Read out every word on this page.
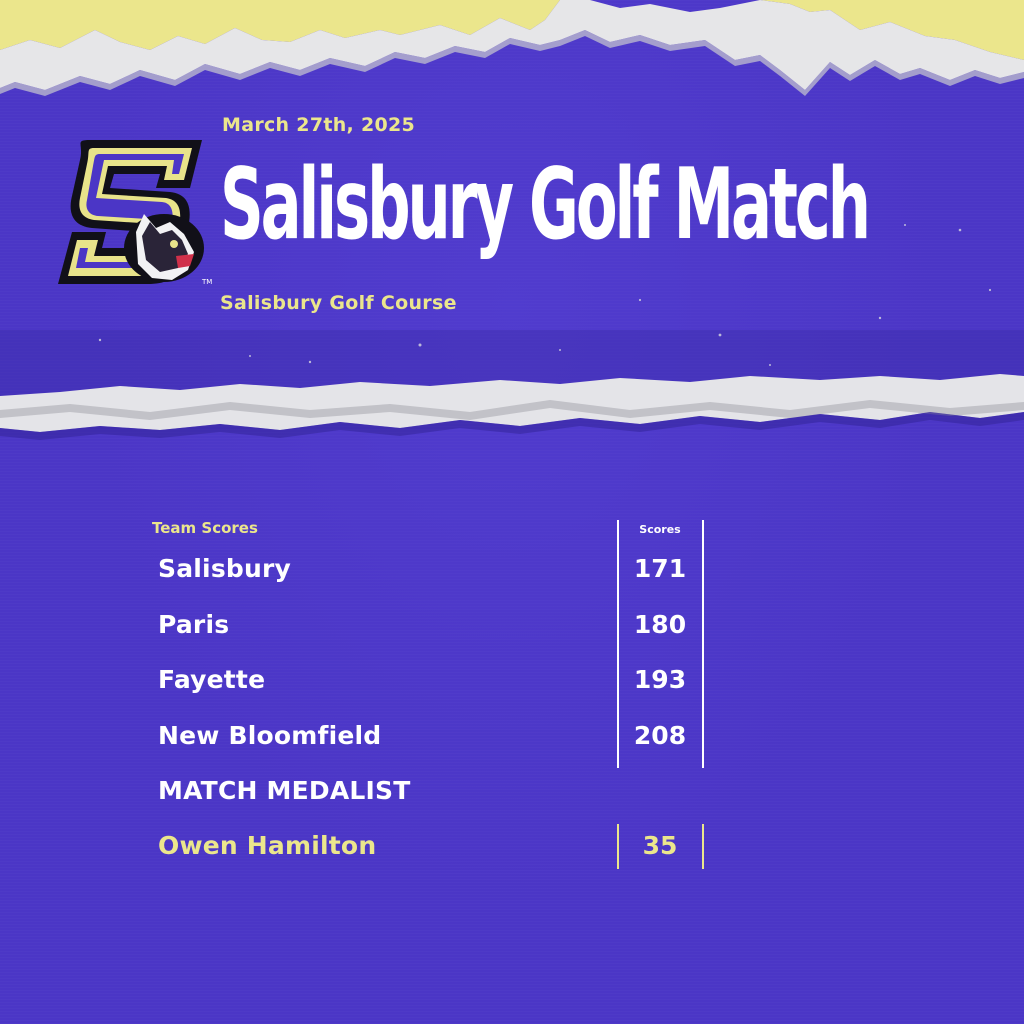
TM

March 27th, 2025

Salisbury Golf Match

Salisbury Golf Course

Team Scores	Scores
Salisbury	171
Paris	180
Fayette	193
New Bloomfield	208
MATCH MEDALIST
Owen Hamilton	35
